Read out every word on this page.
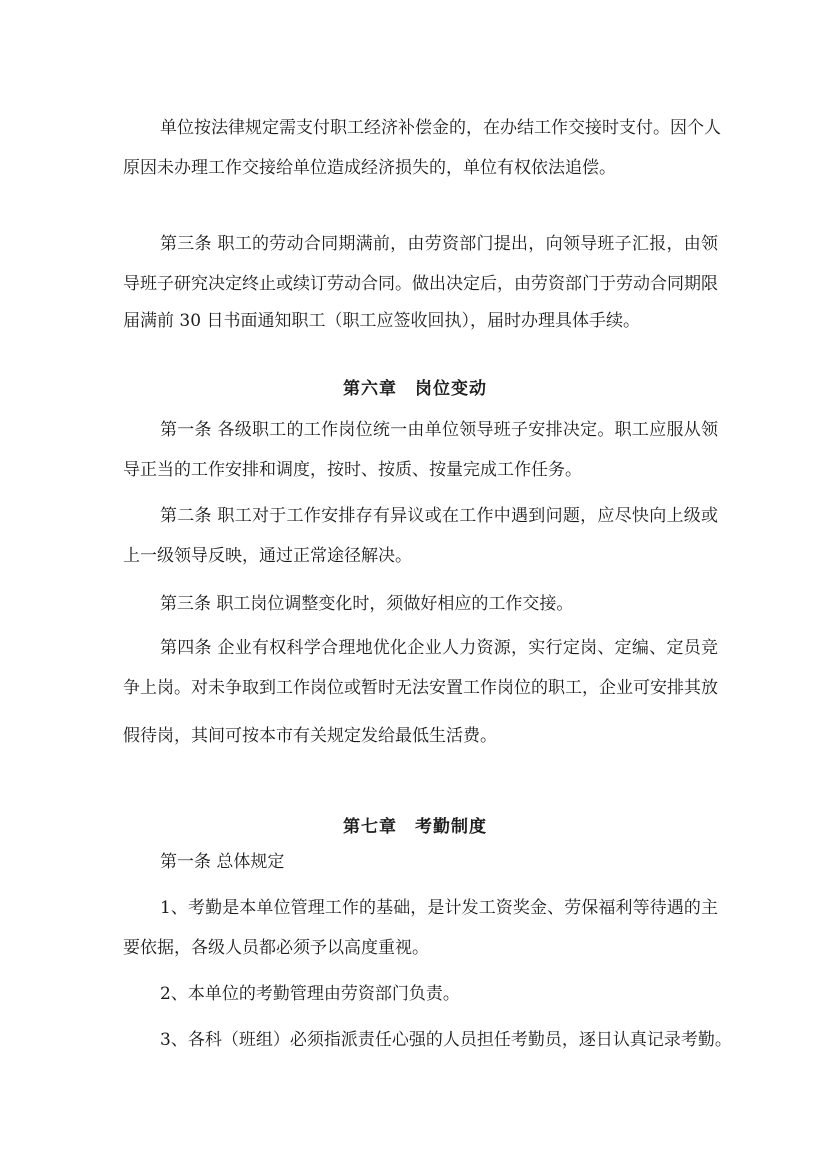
单位按法律规定需支付职工经济补偿金的，在办结工作交接时支付。因个人
原因未办理工作交接给单位造成经济损失的，单位有权依法追偿。
第三条 职工的劳动合同期满前，由劳资部门提出，向领导班子汇报，由领
导班子研究决定终止或续订劳动合同。做出决定后，由劳资部门于劳动合同期限
届满前 30 日书面通知职工（职工应签收回执），届时办理具体手续。
第六章  岗位变动
第一条 各级职工的工作岗位统一由单位领导班子安排决定。职工应服从领
导正当的工作安排和调度，按时、按质、按量完成工作任务。
第二条 职工对于工作安排存有异议或在工作中遇到问题，应尽快向上级或
上一级领导反映，通过正常途径解决。
第三条 职工岗位调整变化时，须做好相应的工作交接。
第四条 企业有权科学合理地优化企业人力资源，实行定岗、定编、定员竞
争上岗。对未争取到工作岗位或暂时无法安置工作岗位的职工，企业可安排其放
假待岗，其间可按本市有关规定发给最低生活费。
第七章  考勤制度
第一条 总体规定
1、考勤是本单位管理工作的基础，是计发工资奖金、劳保福利等待遇的主
要依据，各级人员都必须予以高度重视。
2、本单位的考勤管理由劳资部门负责。
3、各科（班组）必须指派责任心强的人员担任考勤员，逐日认真记录考勤。
